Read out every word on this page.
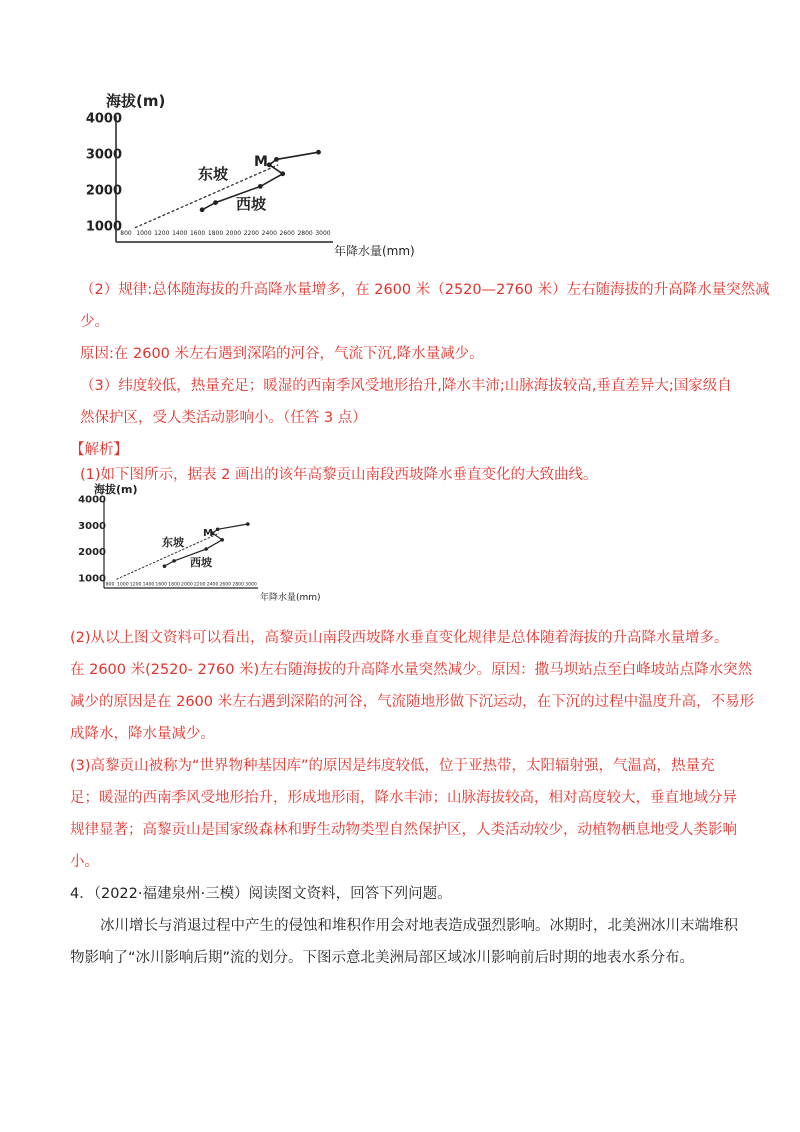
海拔(m)
年降水量(mm)
1000
2000
3000
4000
800 1000 1200 1400 1600 1800 2000 2200 2400 2600 2800 3000
东坡
西坡
M
（2）规律:总体随海拔的升高降水量增多，在 2600 米（2520—2760 米）左右随海拔的升高降水量突然减
少。
原因:在 2600 米左右遇到深陷的河谷，气流下沉,降水量减少。
（3）纬度较低，热量充足；暖湿的西南季风受地形抬升,降水丰沛;山脉海拔较高,垂直差异大;国家级自
然保护区，受人类活动影响小。（任答 3 点）
【解析】
(1)如下图所示，据表 2 画出的该年高黎贡山南段西坡降水垂直变化的大致曲线。
海拔(m)
年降水量(mm)
1000
2000
3000
4000
800 1000 1200 1400 1600 1800 2000 2200 2400 2600 2800 3000
东坡
西坡
M
(2)从以上图文资料可以看出，高黎贡山南段西坡降水垂直变化规律是总体随着海拔的升高降水量增多。
在 2600 米(2520- 2760 米)左右随海拔的升高降水量突然减少。原因：撒马坝站点至白峰坡站点降水突然
减少的原因是在 2600 米左右遇到深陷的河谷，气流随地形做下沉运动，在下沉的过程中温度升高，不易形
成降水，降水量减少。
(3)高黎贡山被称为“世界物种基因库”的原因是纬度较低，位于亚热带，太阳辐射强，气温高，热量充
足；暖湿的西南季风受地形抬升，形成地形雨，降水丰沛；山脉海拔较高，相对高度较大，垂直地域分异
规律显著；高黎贡山是国家级森林和野生动物类型自然保护区，人类活动较少，动植物栖息地受人类影响
小。
4．（2022·福建泉州·三模）阅读图文资料，回答下列问题。
冰川增长与消退过程中产生的侵蚀和堆积作用会对地表造成强烈影响。冰期时，北美洲冰川末端堆积
物影响了“冰川影响后期”流的划分。下图示意北美洲局部区域冰川影响前后时期的地表水系分布。
